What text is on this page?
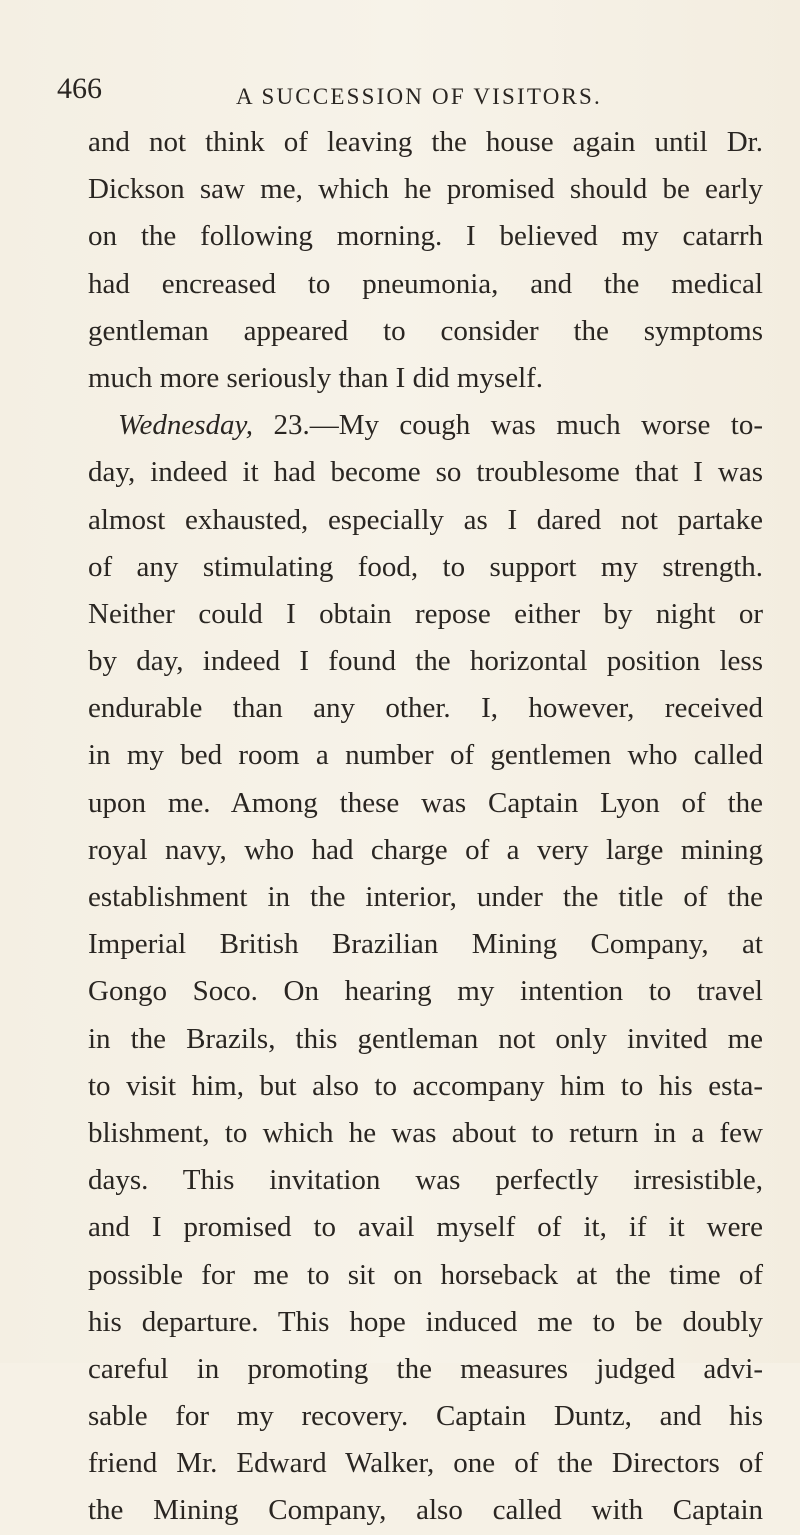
466	A SUCCESSION OF VISITORS.
and not think of leaving the house again until Dr.
Dickson saw me, which he promised should be early
on the following morning. I believed my catarrh
had encreased to pneumonia, and the medical
gentleman appeared to consider the symptoms
much more seriously than I did myself.
Wednesday, 23.—My cough was much worse to-
day, indeed it had become so troublesome that I was
almost exhausted, especially as I dared not partake
of any stimulating food, to support my strength.
Neither could I obtain repose either by night or
by day, indeed I found the horizontal position less
endurable than any other. I, however, received
in my bed room a number of gentlemen who called
upon me. Among these was Captain Lyon of the
royal navy, who had charge of a very large mining
establishment in the interior, under the title of the
Imperial British Brazilian Mining Company, at
Gongo Soco. On hearing my intention to travel
in the Brazils, this gentleman not only invited me
to visit him, but also to accompany him to his esta-
blishment, to which he was about to return in a few
days. This invitation was perfectly irresistible,
and I promised to avail myself of it, if it were
possible for me to sit on horseback at the time of
his departure. This hope induced me to be doubly
careful in promoting the measures judged advi-
sable for my recovery. Captain Duntz, and his
friend Mr. Edward Walker, one of the Directors of
the Mining Company, also called with Captain
